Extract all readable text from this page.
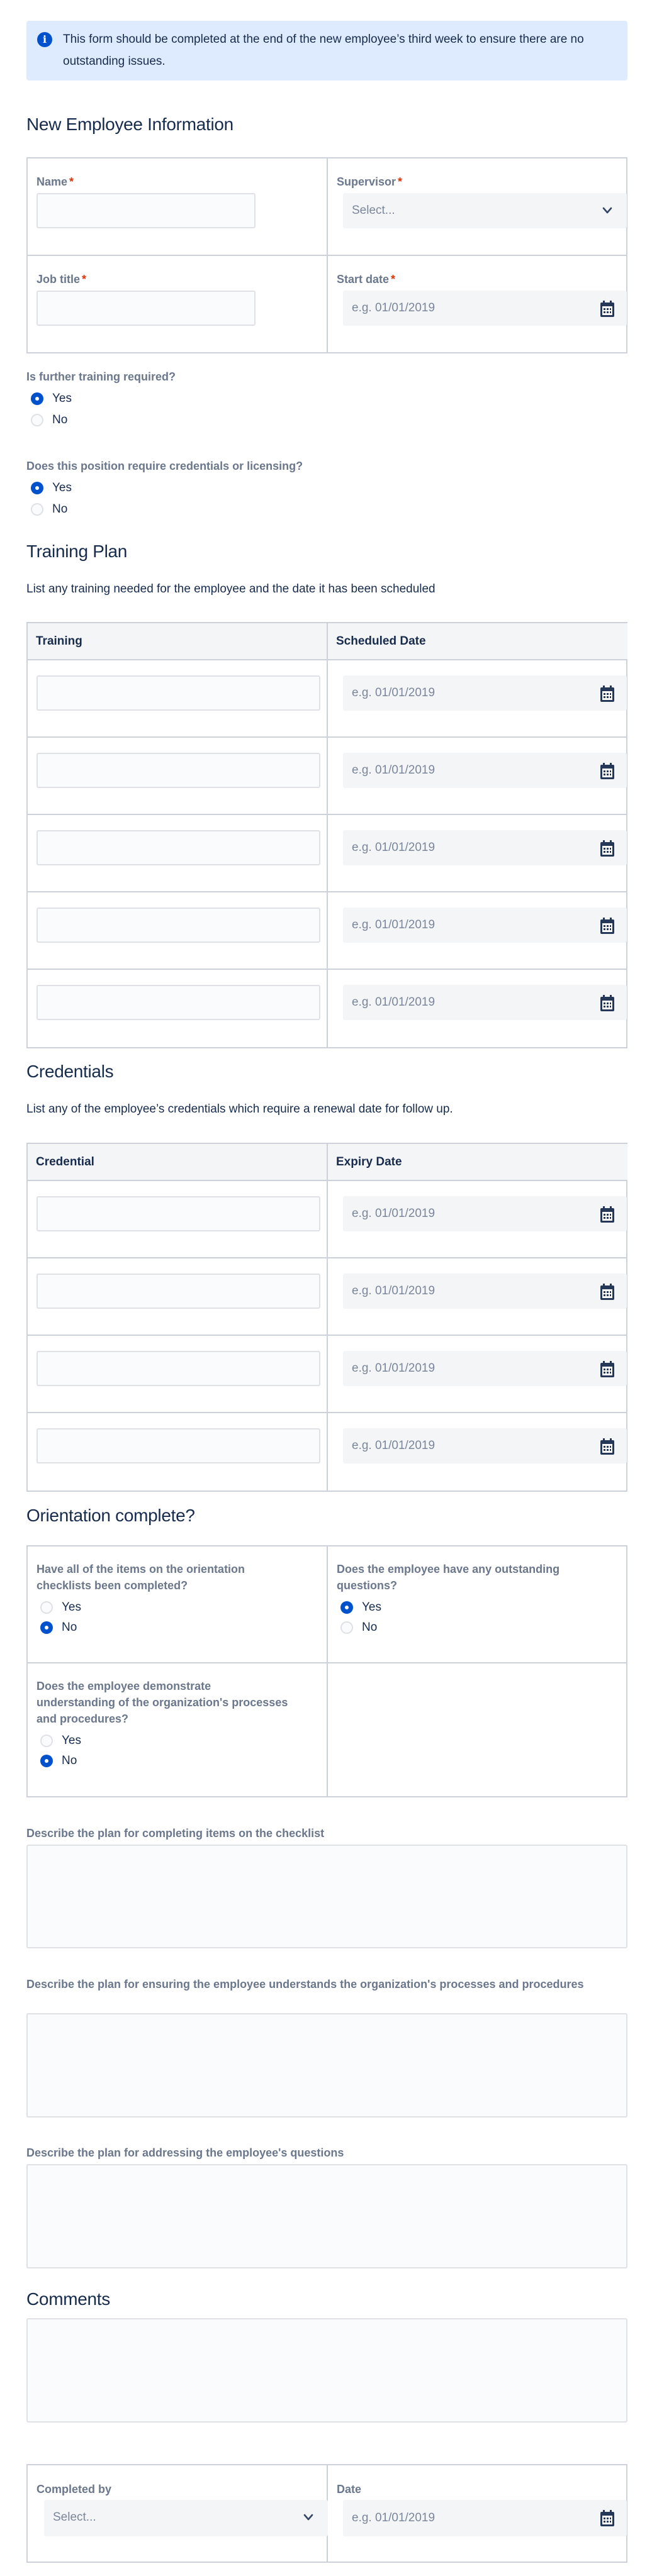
i	This form should be completed at the end of the new employee’s third week to ensure there are no outstanding issues.
New Employee Information
Name *	Supervisor *
Select...
Job title *	Start date *
e.g. 01/01/2019
Is further training required?
Yes
No
Does this position require credentials or licensing?
Yes
No
Training Plan
List any training needed for the employee and the date it has been scheduled
Training	Scheduled Date
e.g. 01/01/2019
e.g. 01/01/2019
e.g. 01/01/2019
e.g. 01/01/2019
e.g. 01/01/2019
Credentials
List any of the employee’s credentials which require a renewal date for follow up.
Credential	Expiry Date
e.g. 01/01/2019
e.g. 01/01/2019
e.g. 01/01/2019
e.g. 01/01/2019
Orientation complete?
Have all of the items on the orientation checklists been completed?
Yes
No
Does the employee have any outstanding questions?
Yes
No
Does the employee demonstrate understanding of the organization's processes and procedures?
Yes
No
Describe the plan for completing items on the checklist
Describe the plan for ensuring the employee understands the organization's processes and procedures
Describe the plan for addressing the employee's questions
Comments
Completed by
Select...
Date
e.g. 01/01/2019
